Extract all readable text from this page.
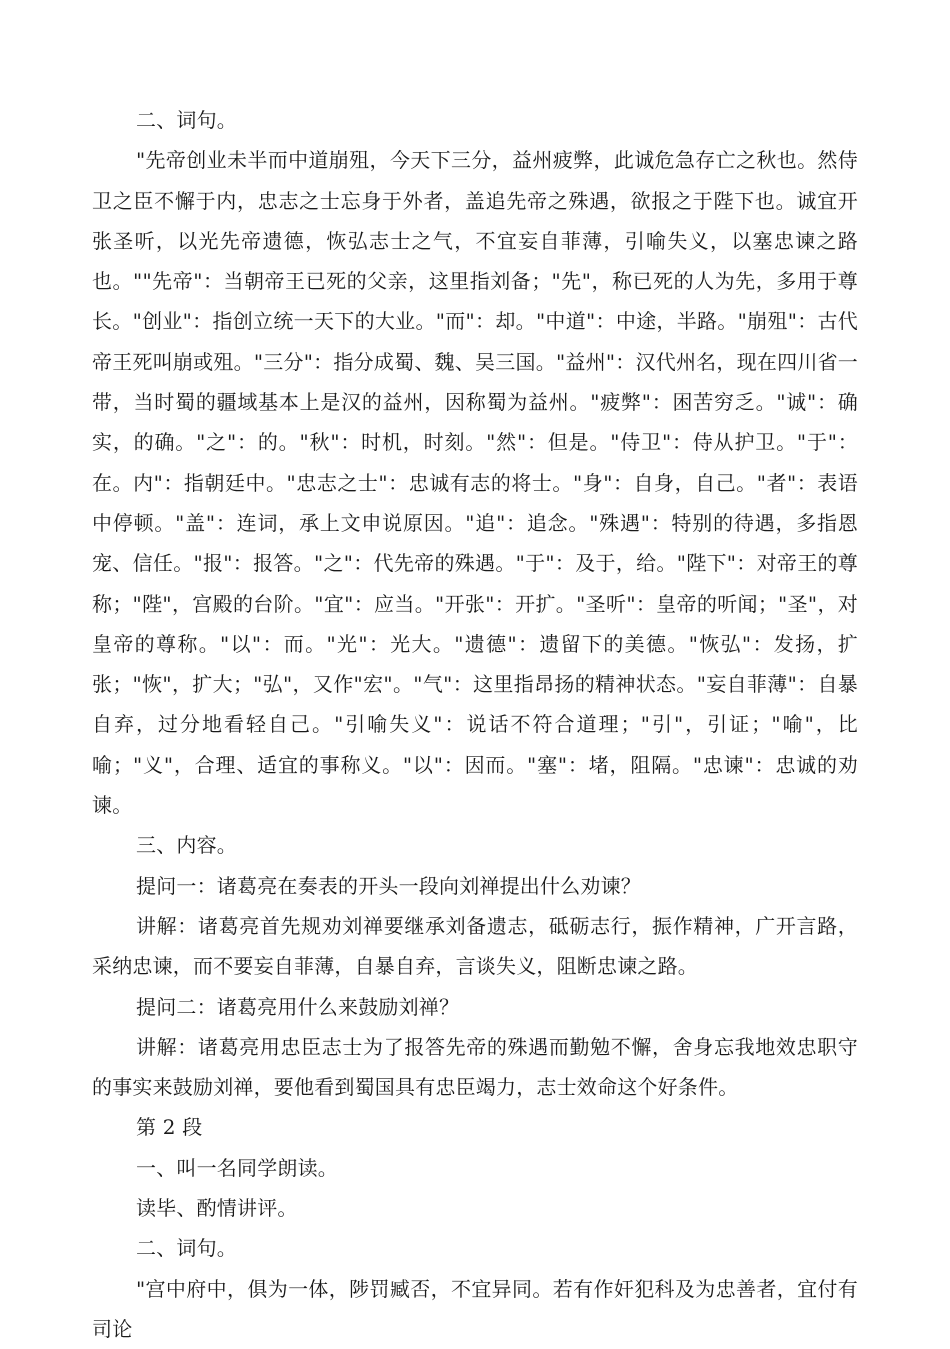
二、词句。

"先帝创业未半而中道崩殂，今天下三分，益州疲弊，此诚危急存亡之秋也。然侍卫之臣不懈于内，忠志之士忘身于外者，盖追先帝之殊遇，欲报之于陛下也。诚宜开张圣听，以光先帝遗德，恢弘志士之气，不宜妄自菲薄，引喻失义，以塞忠谏之路也。""先帝"：当朝帝王已死的父亲，这里指刘备；"先"，称已死的人为先，多用于尊长。"创业"：指创立统一天下的大业。"而"：却。"中道"：中途，半路。"崩殂"：古代帝王死叫崩或殂。"三分"：指分成蜀、魏、吴三国。"益州"：汉代州名，现在四川省一带，当时蜀的疆域基本上是汉的益州，因称蜀为益州。"疲弊"：困苦穷乏。"诚"：确实，的确。"之"：的。"秋"：时机，时刻。"然"：但是。"侍卫"：侍从护卫。"于"：在。内"：指朝廷中。"忠志之士"：忠诚有志的将士。"身"：自身，自己。"者"：表语中停顿。"盖"：连词，承上文申说原因。"追"：追念。"殊遇"：特别的待遇，多指恩宠、信任。"报"：报答。"之"：代先帝的殊遇。"于"：及于，给。"陛下"：对帝王的尊称；"陛"，宫殿的台阶。"宜"：应当。"开张"：开扩。"圣听"：皇帝的听闻；"圣"，对皇帝的尊称。"以"：而。"光"：光大。"遗德"：遗留下的美德。"恢弘"：发扬，扩张；"恢"，扩大；"弘"，又作"宏"。"气"：这里指昂扬的精神状态。"妄自菲薄"：自暴自弃，过分地看轻自己。"引喻失义"：说话不符合道理；"引"，引证；"喻"，比喻；"义"，合理、适宜的事称义。"以"：因而。"塞"：堵，阻隔。"忠谏"：忠诚的劝谏。

三、内容。

提问一：诸葛亮在奏表的开头一段向刘禅提出什么劝谏？

讲解：诸葛亮首先规劝刘禅要继承刘备遗志，砥砺志行，振作精神，广开言路，采纳忠谏，而不要妄自菲薄，自暴自弃，言谈失义，阻断忠谏之路。

提问二：诸葛亮用什么来鼓励刘禅？

讲解：诸葛亮用忠臣志士为了报答先帝的殊遇而勤勉不懈，舍身忘我地效忠职守的事实来鼓励刘禅，要他看到蜀国具有忠臣竭力，志士效命这个好条件。

第 2 段

一、叫一名同学朗读。

读毕、酌情讲评。

二、词句。

"宫中府中，俱为一体，陟罚臧否，不宜异同。若有作奸犯科及为忠善者，宜付有司论
